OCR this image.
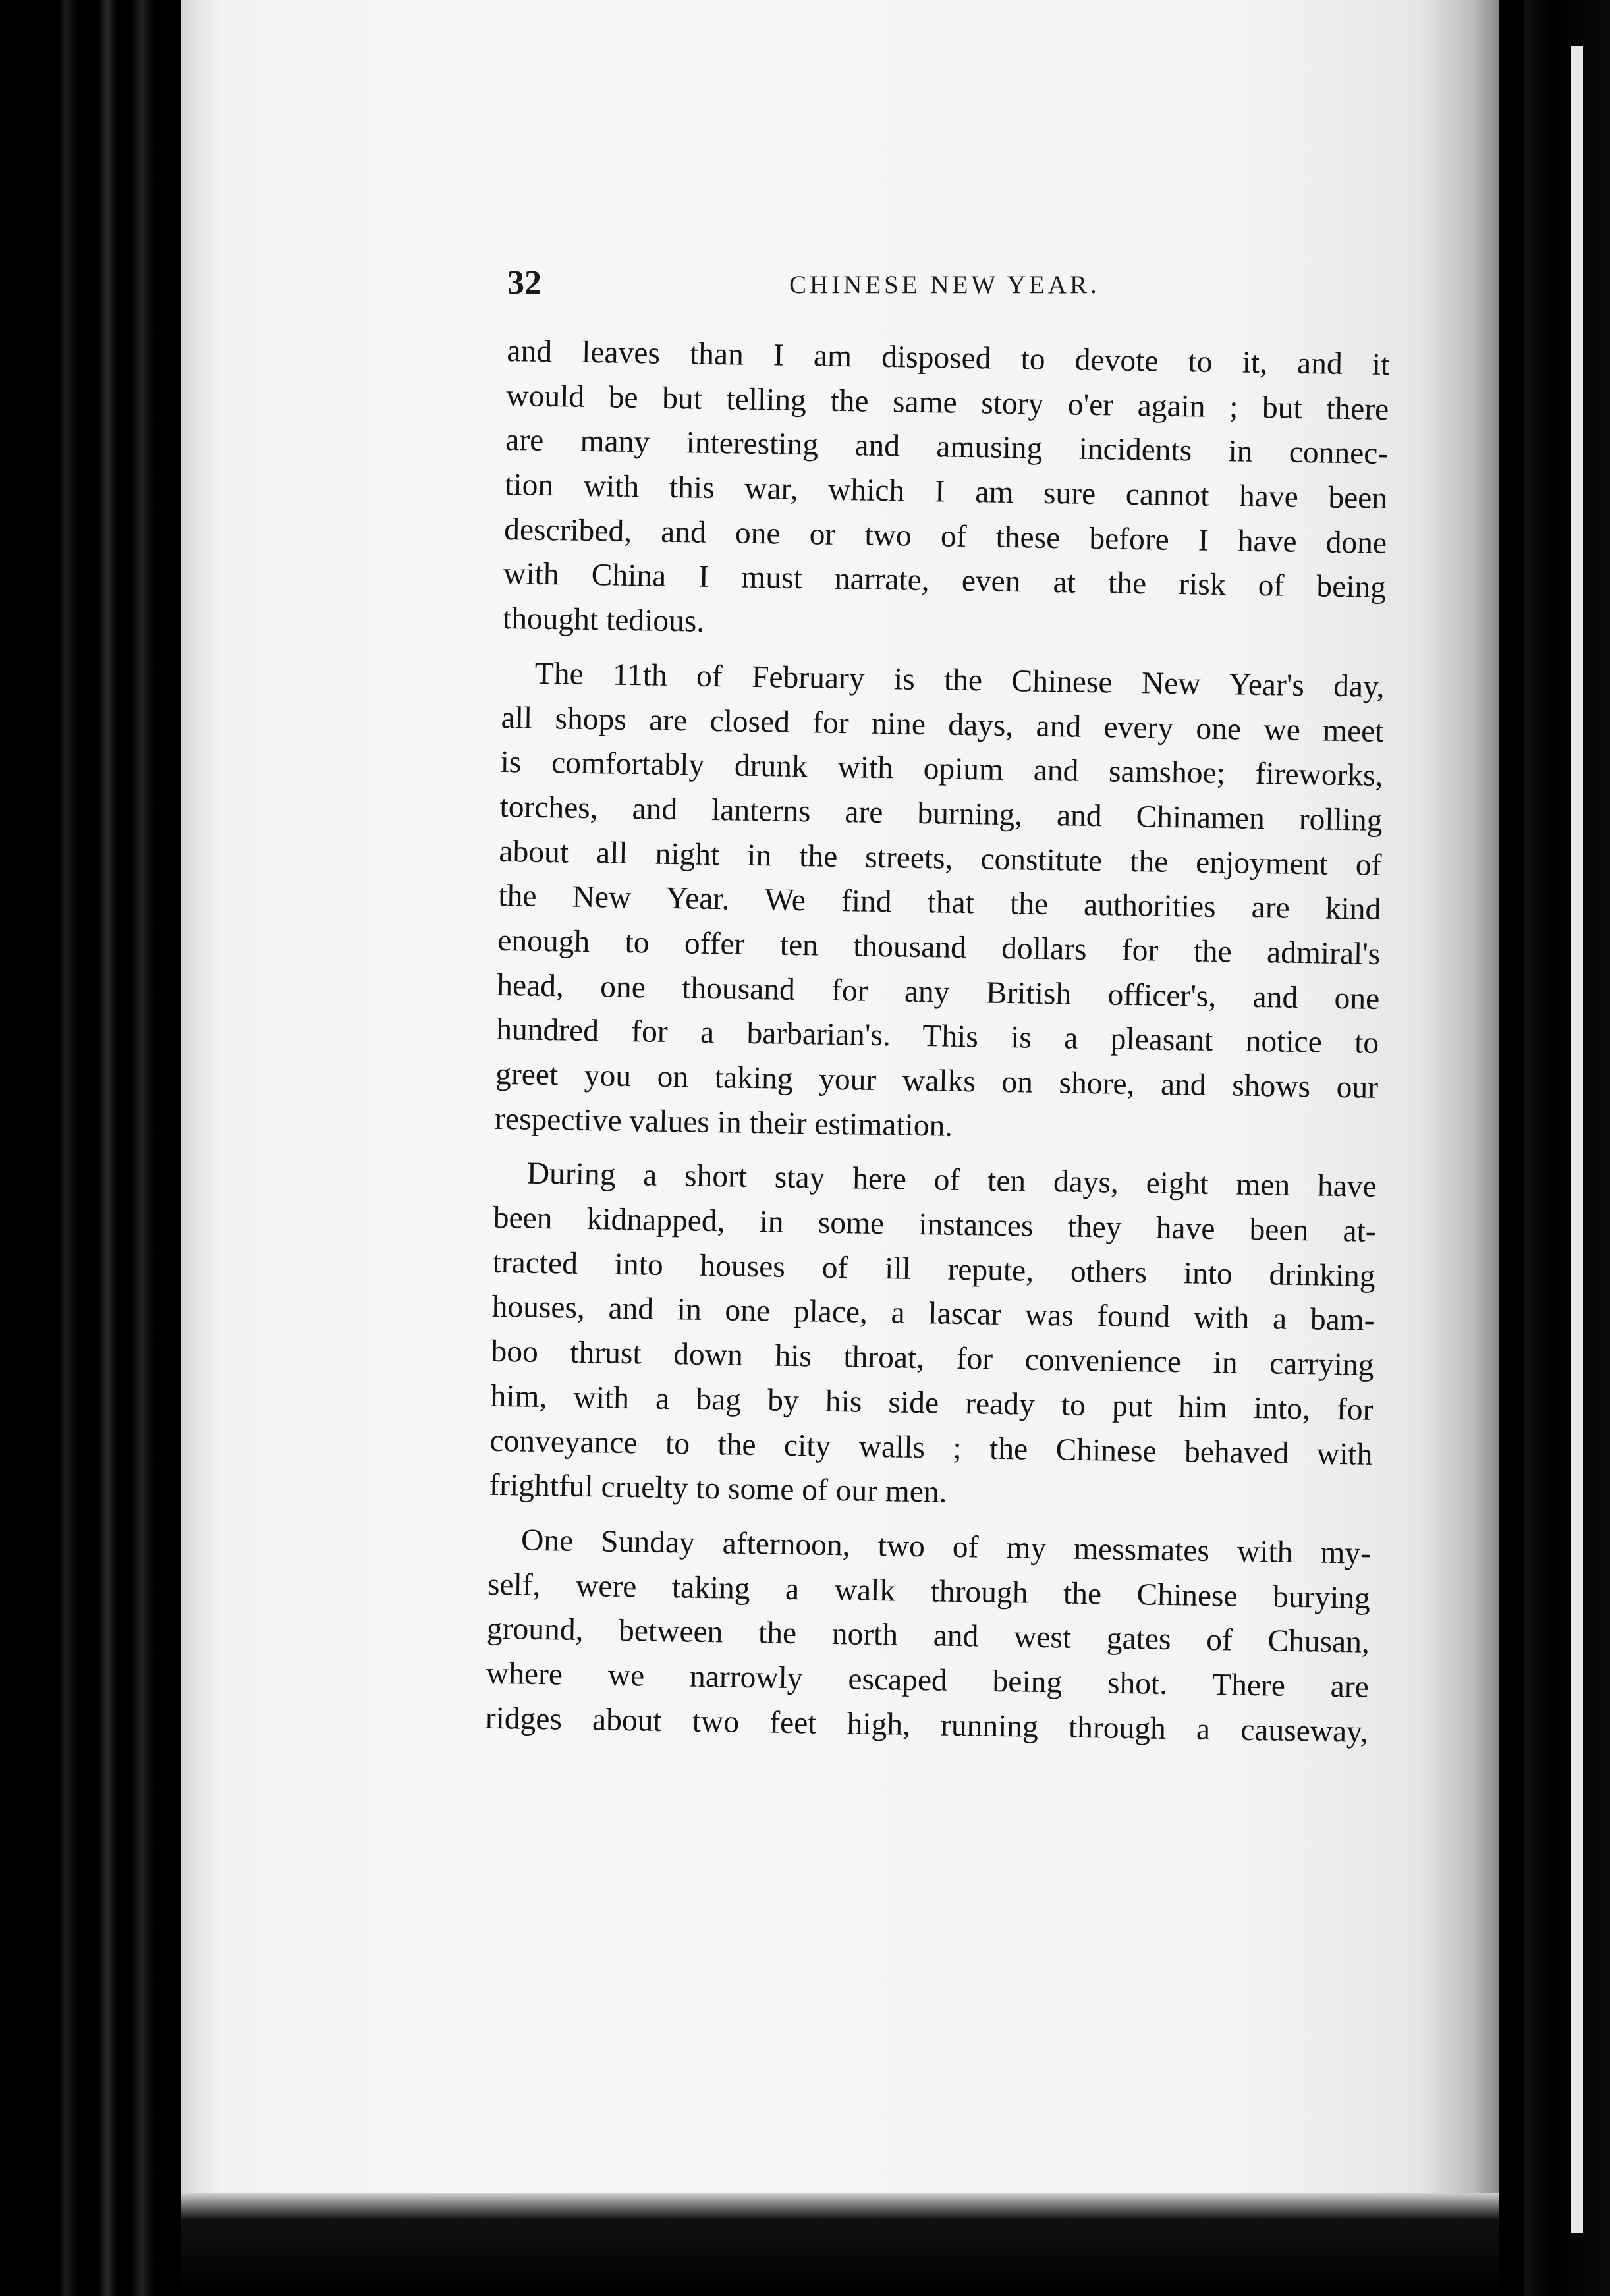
32	CHINESE NEW YEAR.
and leaves than I am disposed to devote to it, and it
would be but telling the same story o'er again ; but there
are many interesting and amusing incidents in connec-
tion with this war, which I am sure cannot have been
described, and one or two of these before I have done
with China I must narrate, even at the risk of being
thought tedious.
The 11th of February is the Chinese New Year's day,
all shops are closed for nine days, and every one we meet
is comfortably drunk with opium and samshoe; fireworks,
torches, and lanterns are burning, and Chinamen rolling
about all night in the streets, constitute the enjoyment of
the New Year. We find that the authorities are kind
enough to offer ten thousand dollars for the admiral's
head, one thousand for any British officer's, and one
hundred for a barbarian's. This is a pleasant notice to
greet you on taking your walks on shore, and shows our
respective values in their estimation.
During a short stay here of ten days, eight men have
been kidnapped, in some instances they have been at-
tracted into houses of ill repute, others into drinking
houses, and in one place, a lascar was found with a bam-
boo thrust down his throat, for convenience in carrying
him, with a bag by his side ready to put him into, for
conveyance to the city walls ; the Chinese behaved with
frightful cruelty to some of our men.
One Sunday afternoon, two of my messmates with my-
self, were taking a walk through the Chinese burying
ground, between the north and west gates of Chusan,
where we narrowly escaped being shot. There are
ridges about two feet high, running through a causeway,
